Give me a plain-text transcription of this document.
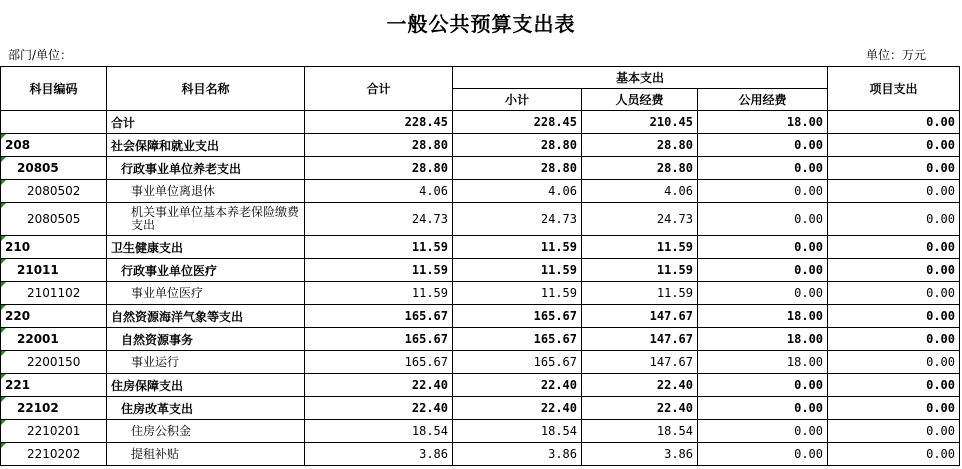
一般公共预算支出表
部门/单位：	单位：万元
科目编码	科目名称	合计	基本支出			项目支出
			小计	人员经费	公用经费	
	合计	228.45	228.45	210.45	18.00	0.00
208	社会保障和就业支出	28.80	28.80	28.80	0.00	0.00
20805	行政事业单位养老支出	28.80	28.80	28.80	0.00	0.00
2080502	事业单位离退休	4.06	4.06	4.06	0.00	0.00
2080505	机关事业单位基本养老保险缴费支出	24.73	24.73	24.73	0.00	0.00
210	卫生健康支出	11.59	11.59	11.59	0.00	0.00
21011	行政事业单位医疗	11.59	11.59	11.59	0.00	0.00
2101102	事业单位医疗	11.59	11.59	11.59	0.00	0.00
220	自然资源海洋气象等支出	165.67	165.67	147.67	18.00	0.00
22001	自然资源事务	165.67	165.67	147.67	18.00	0.00
2200150	事业运行	165.67	165.67	147.67	18.00	0.00
221	住房保障支出	22.40	22.40	22.40	0.00	0.00
22102	住房改革支出	22.40	22.40	22.40	0.00	0.00
2210201	住房公积金	18.54	18.54	18.54	0.00	0.00
2210202	提租补贴	3.86	3.86	3.86	0.00	0.00
